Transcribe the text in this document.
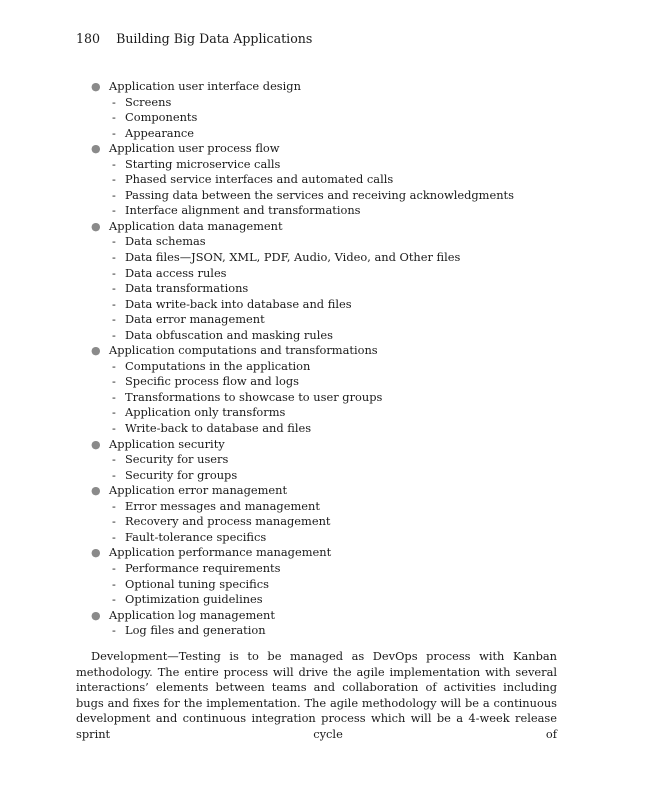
180 Building Big Data Applications
● Application user interface design
- Screens
- Components
- Appearance
● Application user process flow
- Starting microservice calls
- Phased service interfaces and automated calls
- Passing data between the services and receiving acknowledgments
- Interface alignment and transformations
● Application data management
- Data schemas
- Data files—JSON, XML, PDF, Audio, Video, and Other files
- Data access rules
- Data transformations
- Data write-back into database and files
- Data error management
- Data obfuscation and masking rules
● Application computations and transformations
- Computations in the application
- Specific process flow and logs
- Transformations to showcase to user groups
- Application only transforms
- Write-back to database and files
● Application security
- Security for users
- Security for groups
● Application error management
- Error messages and management
- Recovery and process management
- Fault-tolerance specifics
● Application performance management
- Performance requirements
- Optional tuning specifics
- Optimization guidelines
● Application log management
- Log files and generation
Development—Testing is to be managed as DevOps process with Kanban methodology. The entire process will drive the agile implementation with several interactions’ elements between teams and collaboration of activities including bugs and fixes for the implementation. The agile methodology will be a continuous development and continuous integration process which will be a 4-week release sprint cycle of
